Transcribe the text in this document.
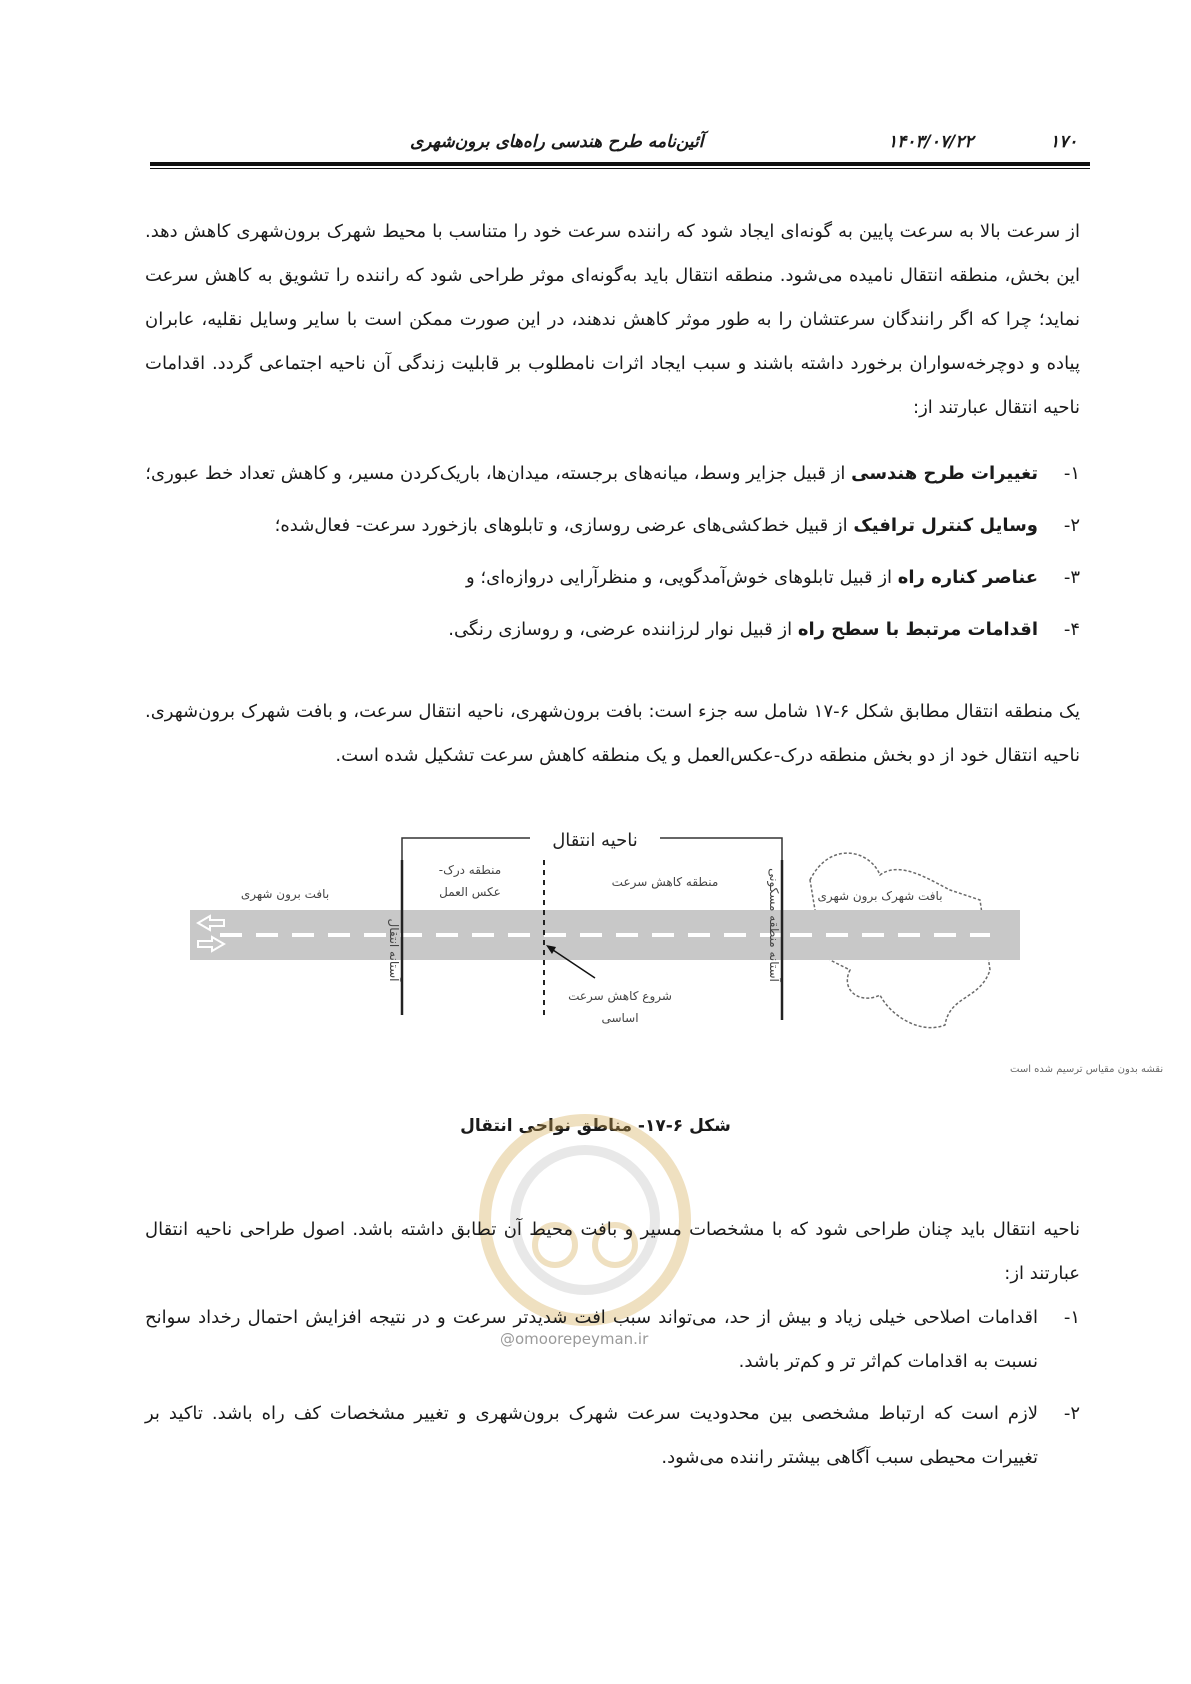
۱۷۰
۱۴۰۳/۰۷/۲۲
آئین‌نامه طرح هندسی راه‌های برون‌شهری

از سرعت بالا به سرعت پایین به گونه‌ای ایجاد شود که راننده سرعت خود را متناسب با محیط شهرک برون‌شهری کاهش دهد. این بخش، منطقه انتقال نامیده می‌شود. منطقه انتقال باید به‌گونه‌ای موثر طراحی شود که راننده را تشویق به کاهش سرعت نماید؛ چرا که اگر رانندگان سرعتشان را به طور موثر کاهش ندهند، در این صورت ممکن است با سایر وسایل نقلیه، عابران پیاده و دوچرخه‌سواران برخورد داشته باشند و سبب ایجاد اثرات نامطلوب بر قابلیت زندگی آن ناحیه اجتماعی گردد. اقدامات ناحیه انتقال عبارتند از:

۱-
تغییرات طرح هندسی از قبیل جزایر وسط، میانه‌های برجسته، میدان‌ها، باریک‌کردن مسیر، و کاهش تعداد خط عبوری؛
۲-
وسایل کنترل ترافیک از قبیل خط‌کشی‌های عرضی روسازی، و تابلوهای بازخورد سرعت- فعال‌شده؛
۳-
عناصر کناره راه از قبیل تابلوهای خوش‌آمدگویی، و منظرآرایی دروازه‌ای؛ و
۴-
اقدامات مرتبط با سطح راه از قبیل نوار لرزاننده عرضی، و روسازی رنگی.

یک منطقه انتقال مطابق شکل ۶-۱۷ شامل سه جزء است: بافت برون‌شهری، ناحیه انتقال سرعت، و بافت شهرک برون‌شهری. ناحیه انتقال خود از دو بخش منطقه درک-عکس‌العمل و یک منطقه کاهش سرعت تشکیل شده است.

ناحیه انتقال
بافت برون شهری
منطقه درک-
عکس العمل
منطقه کاهش سرعت
بافت شهرک برون شهری
آستانه انتقال	آستانه منطقه مسکونی
شروع کاهش سرعت
اساسی
نقشه بدون مقیاس ترسیم شده است
شکل ۶-۱۷- مناطق نواحی انتقال
@omoorepeyman.ir

ناحیه انتقال باید چنان طراحی شود که با مشخصات مسیر و بافت محیط آن تطابق داشته باشد. اصول طراحی ناحیه انتقال عبارتند از:

۱-
اقدامات اصلاحی خیلی زیاد و بیش از حد، می‌تواند سبب افت شدیدتر سرعت و در نتیجه افزایش احتمال رخداد سوانح نسبت به اقدامات کم‌اثر تر و کم‌تر باشد.
۲-
لازم است که ارتباط مشخصی بین محدودیت سرعت شهرک برون‌شهری و تغییر مشخصات کف راه باشد. تاکید بر تغییرات محیطی سبب آگاهی بیشتر راننده می‌شود.
